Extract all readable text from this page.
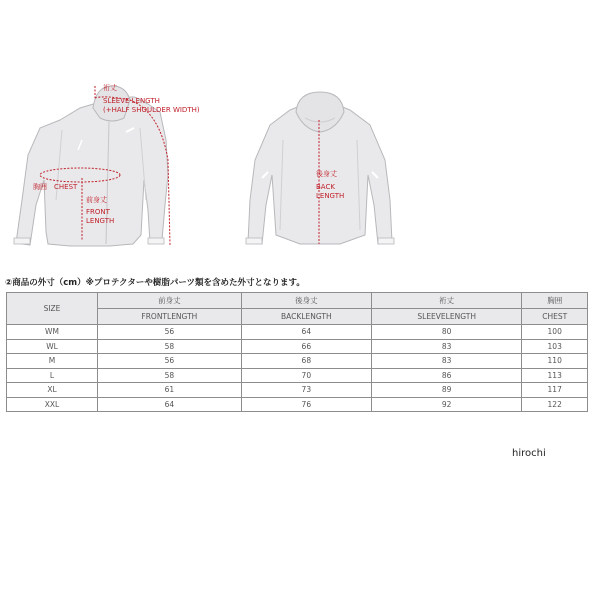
裄丈
SLEEVE LENGTH
(+HALF SHOULDER WIDTH)
胸囲 CHEST
前身丈
FRONT
LENGTH
後身丈
BACK
LENGTH
②商品の外寸（cm）※プロテクターや樹脂パーツ類を含めた外寸となります。
SIZE	前身丈	後身丈	裄丈	胸囲
	FRONTLENGTH	BACKLENGTH	SLEEVELENGTH	CHEST
WM	56	64	80	100
WL	58	66	83	103
M	56	68	83	110
L	58	70	86	113
XL	61	73	89	117
XXL	64	76	92	122
hirochi
